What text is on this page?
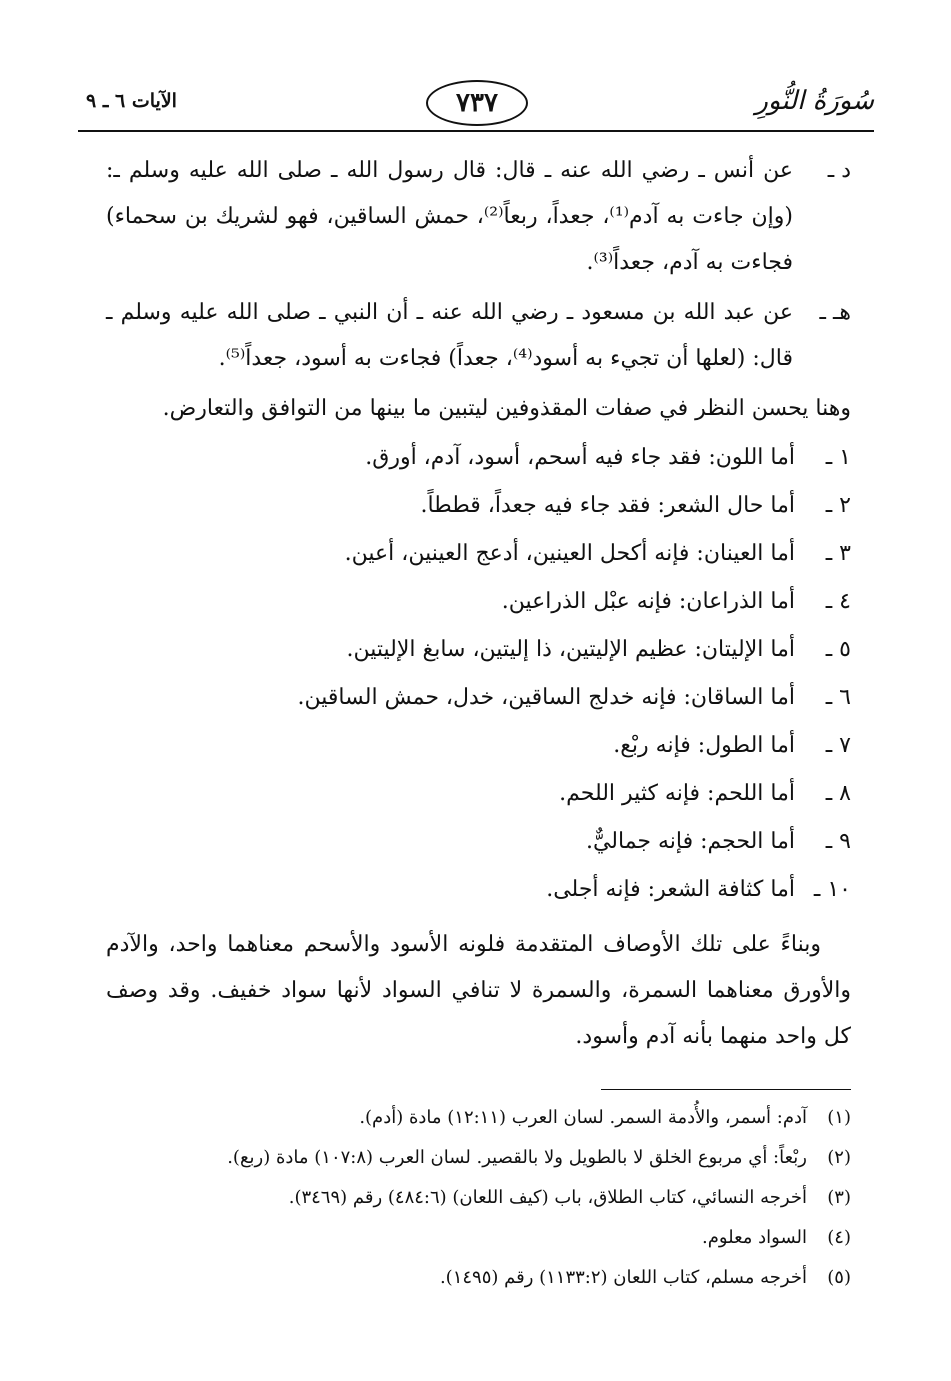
سُورَةُ النُّورِ
٧٣٧
الآيات ٦ ـ ٩
د ـ
عن أنس ـ رضي الله عنه ـ قال: قال رسول الله ـ صلى الله عليه وسلم ـ: (وإن جاءت به آدم⁽¹⁾، جعداً، ربعاً⁽²⁾، حمش الساقين، فهو لشريك بن سحماء) فجاءت به آدم، جعداً⁽³⁾.
هـ ـ
عن عبد الله بن مسعود ـ رضي الله عنه ـ أن النبي ـ صلى الله عليه وسلم ـ قال: (لعلها أن تجيء به أسود⁽⁴⁾، جعداً) فجاءت به أسود، جعداً⁽⁵⁾.
وهنا يحسن النظر في صفات المقذوفين ليتبين ما بينها من التوافق والتعارض.
١ ـ
أما اللون: فقد جاء فيه أسحم، أسود، آدم، أورق.
٢ ـ
أما حال الشعر: فقد جاء فيه جعداً، قططاً.
٣ ـ
أما العينان: فإنه أكحل العينين، أدعج العينين، أعين.
٤ ـ
أما الذراعان: فإنه عبْل الذراعين.
٥ ـ
أما الإليتان: عظيم الإليتين، ذا إليتين، سابغ الإليتين.
٦ ـ
أما الساقان: فإنه خدلج الساقين، خدل، حمش الساقين.
٧ ـ
أما الطول: فإنه ربْع.
٨ ـ
أما اللحم: فإنه كثير اللحم.
٩ ـ
أما الحجم: فإنه جماليٌّ.
١٠ ـ
أما كثافة الشعر: فإنه أجلى.
وبناءً على تلك الأوصاف المتقدمة فلونه الأسود والأسحم معناهما واحد، والآدم والأورق معناهما السمرة، والسمرة لا تنافي السواد لأنها سواد خفيف. وقد وصف كل واحد منهما بأنه آدم وأسود.
(١)
آدم: أسمر، والأُدمة السمر. لسان العرب (١٢:١١) مادة (أدم).
(٢)
ربْعاً: أي مربوع الخلق لا بالطويل ولا بالقصير. لسان العرب (١٠٧:٨) مادة (ربع).
(٣)
أخرجه النسائي، كتاب الطلاق، باب (كيف اللعان) (٤٨٤:٦) رقم (٣٤٦٩).
(٤)
السواد معلوم.
(٥)
أخرجه مسلم، كتاب اللعان (١١٣٣:٢) رقم (١٤٩٥).
